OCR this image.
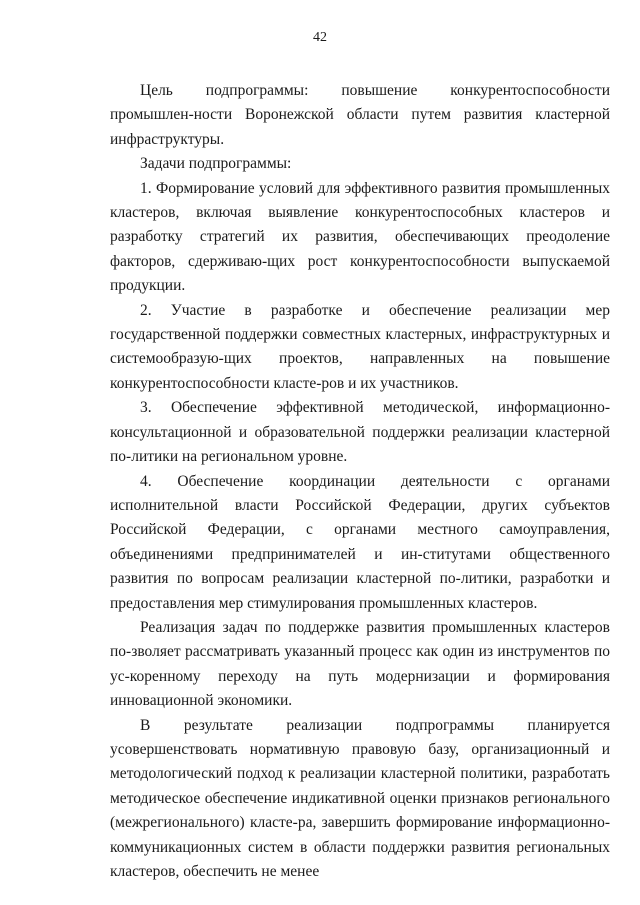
42

Цель подпрограммы: повышение конкурентоспособности промышлен-ности Воронежской области путем развития кластерной инфраструктуры.

Задачи подпрограммы:

1. Формирование условий для эффективного развития промышленных кластеров, включая выявление конкурентоспособных кластеров и разработку стратегий их развития, обеспечивающих преодоление факторов, сдерживаю-щих рост конкурентоспособности выпускаемой продукции.

2. Участие в разработке и обеспечение реализации мер государственной поддержки совместных кластерных, инфраструктурных и системообразую-щих проектов, направленных на повышение конкурентоспособности класте-ров и их участников.

3. Обеспечение эффективной методической, информационно-консультационной и образовательной поддержки реализации кластерной по-литики на региональном уровне.

4. Обеспечение координации деятельности с органами исполнительной власти Российской Федерации, других субъектов Российской Федерации, с органами местного самоуправления, объединениями предпринимателей и ин-ститутами общественного развития по вопросам реализации кластерной по-литики, разработки и предоставления мер стимулирования промышленных кластеров.

Реализация задач по поддержке развития промышленных кластеров по-зволяет рассматривать указанный процесс как один из инструментов по ус-коренному переходу на путь модернизации и формирования инновационной экономики.

В результате реализации подпрограммы планируется усовершенствовать нормативную правовую базу, организационный и методологический подход к реализации кластерной политики, разработать методическое обеспечение индикативной оценки признаков регионального (межрегионального) класте-ра, завершить формирование информационно-коммуникационных систем в области поддержки развития региональных кластеров, обеспечить не менее
